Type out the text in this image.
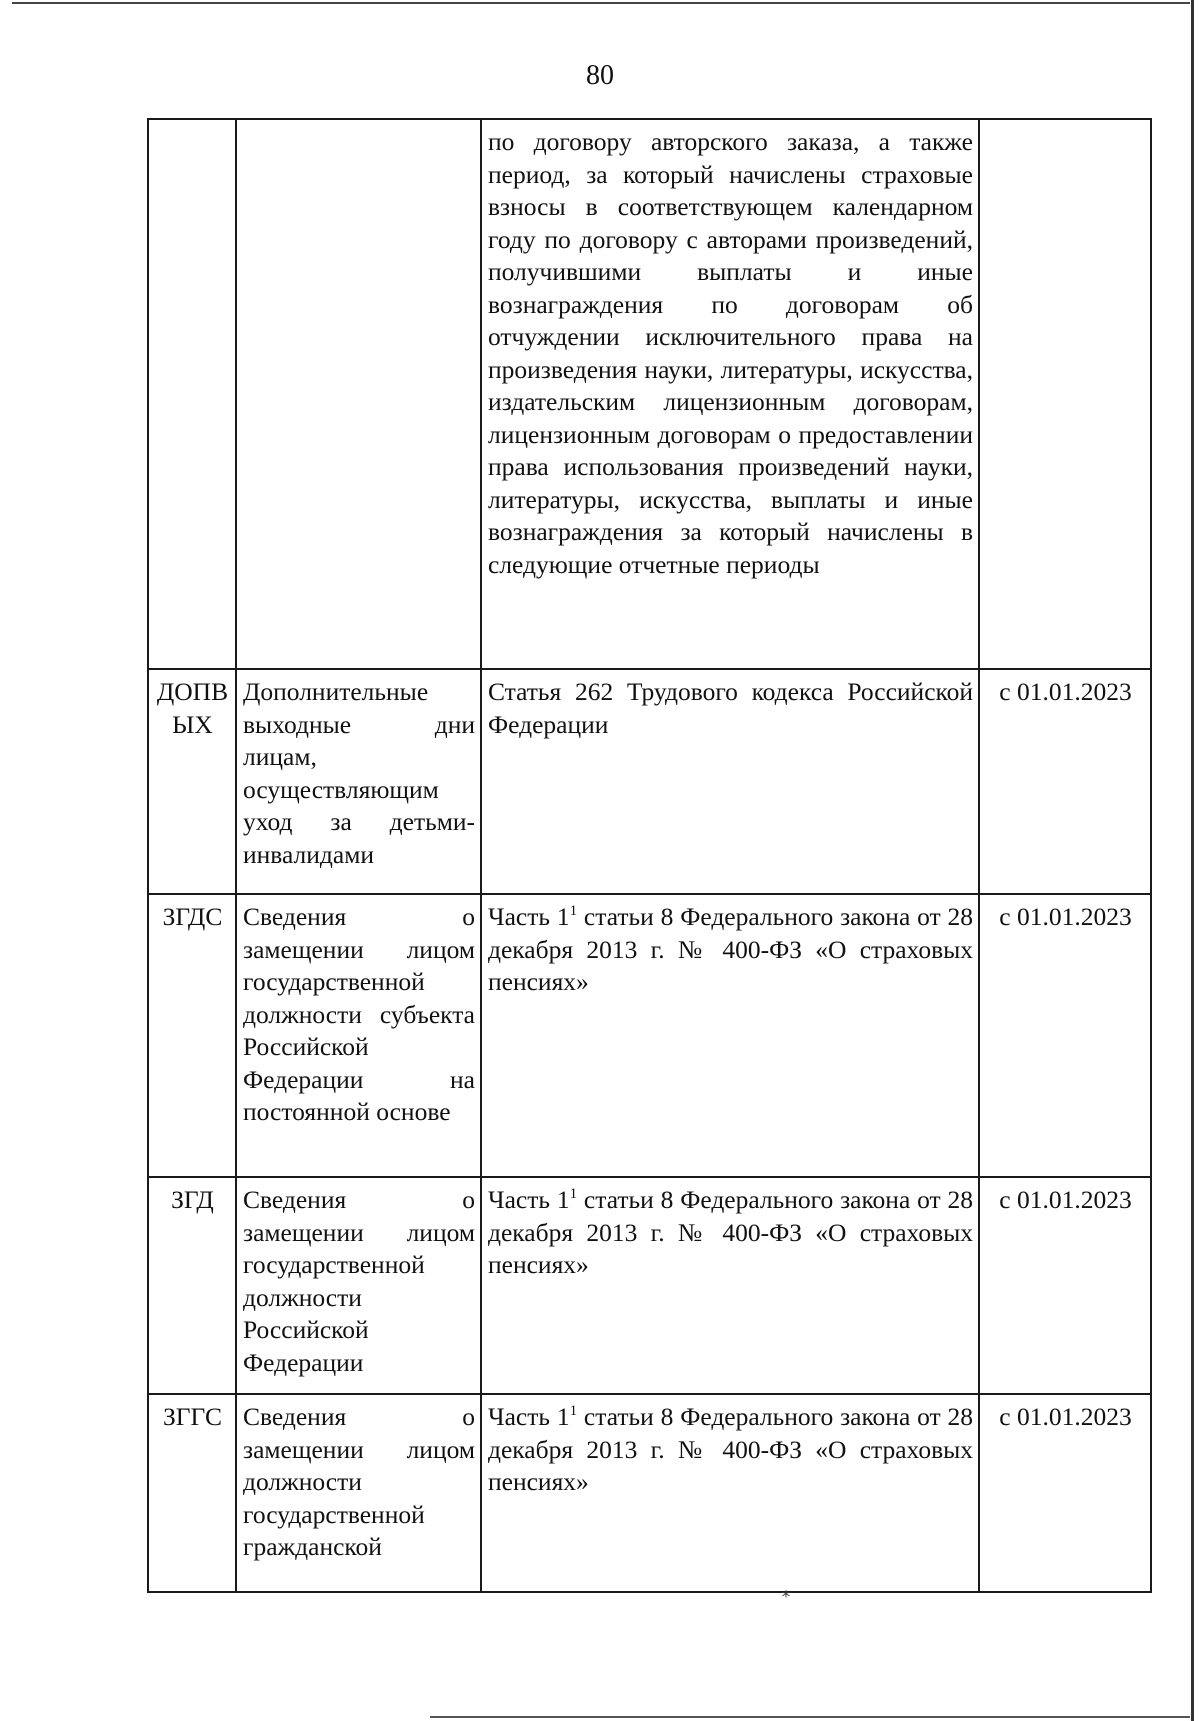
80
		по договору авторского заказа, а также период, за который начислены страховые взносы в соответствующем календарном году по договору с авторами произведений, получившими выплаты и иные вознаграждения по договорам об отчуждении исключительного права на произведения науки, литературы, искусства, издательским лицензионным договорам, лицензионным договорам о предоставлении права использования произведений науки, литературы, искусства, выплаты и иные вознаграждения за который начислены в следующие отчетные периоды	
ДОПВЫХ	Дополнительные выходные дни лицам, осуществляющим уход за детьми-инвалидами	Статья 262 Трудового кодекса Российской Федерации	с 01.01.2023
ЗГДС	Сведения о замещении лицом государственной должности субъекта Российской Федерации на постоянной основе	Часть $1^1$ статьи 8 Федерального закона от 28 декабря 2013 г. № 400-ФЗ «О страховых пенсиях»	с 01.01.2023
ЗГД	Сведения о замещении лицом государственной должности Российской Федерации	Часть $1^1$ статьи 8 Федерального закона от 28 декабря 2013 г. № 400-ФЗ «О страховых пенсиях»	с 01.01.2023
ЗГГС	Сведения о замещении лицом должности государственной гражданской	Часть $1^1$ статьи 8 Федерального закона от 28 декабря 2013 г. № 400-ФЗ «О страховых пенсиях»	с 01.01.2023
⁎
